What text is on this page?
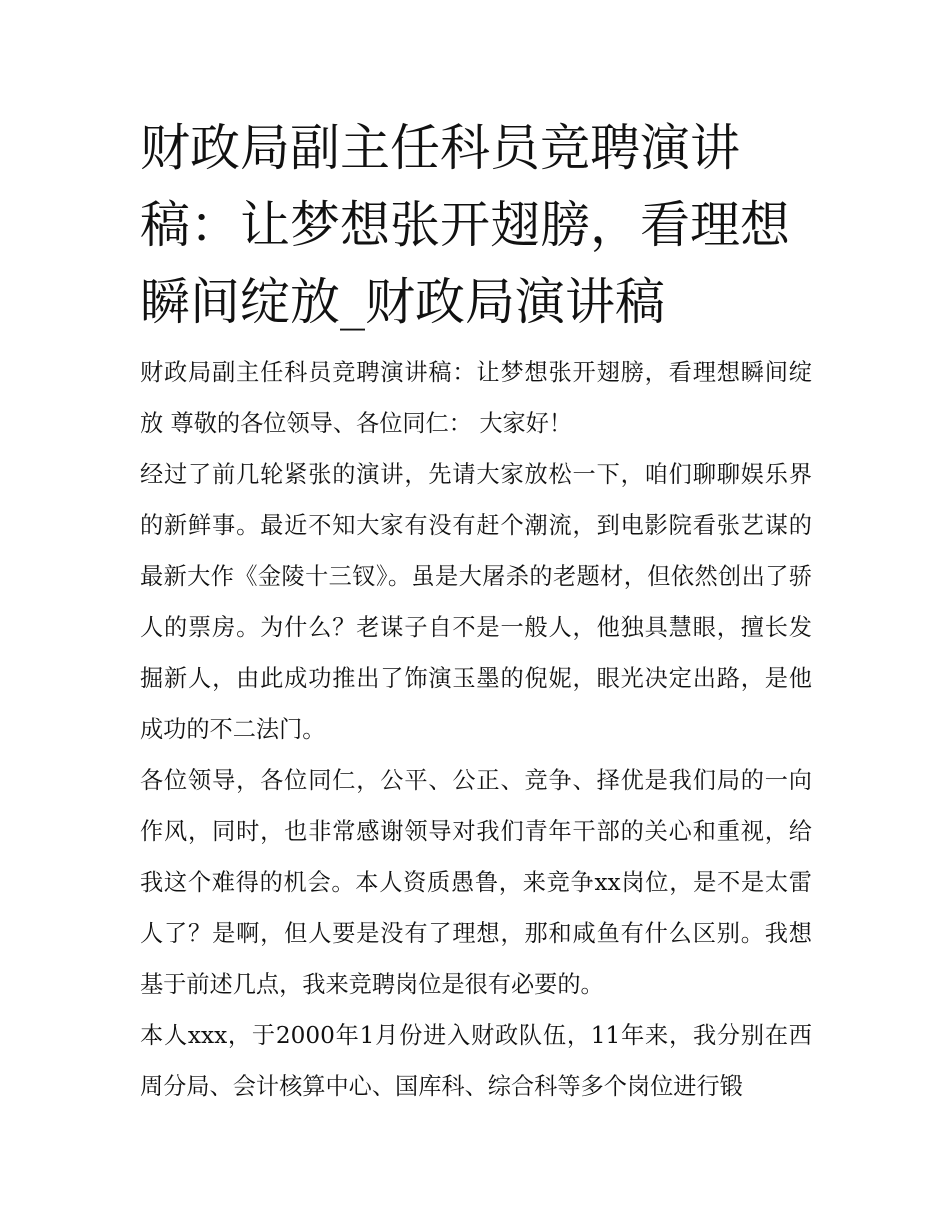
财政局副主任科员竞聘演讲稿：让梦想张开翅膀，看理想瞬间绽放_财政局演讲稿

财政局副主任科员竞聘演讲稿：让梦想张开翅膀，看理想瞬间绽放 尊敬的各位领导、各位同仁： 大家好！

经过了前几轮紧张的演讲，先请大家放松一下，咱们聊聊娱乐界的新鲜事。最近不知大家有没有赶个潮流，到电影院看张艺谋的最新大作《金陵十三钗》。虽是大屠杀的老题材，但依然创出了骄人的票房。为什么？老谋子自不是一般人，他独具慧眼，擅长发掘新人，由此成功推出了饰演玉墨的倪妮，眼光决定出路，是他成功的不二法门。

各位领导，各位同仁，公平、公正、竞争、择优是我们局的一向作风，同时，也非常感谢领导对我们青年干部的关心和重视，给我这个难得的机会。本人资质愚鲁，来竞争xx岗位，是不是太雷人了？是啊，但人要是没有了理想，那和咸鱼有什么区别。我想基于前述几点，我来竞聘岗位是很有必要的。

本人xxx，于2000年1月份进入财政队伍，11年来，我分别在西周分局、会计核算中心、国库科、综合科等多个岗位进行锻
